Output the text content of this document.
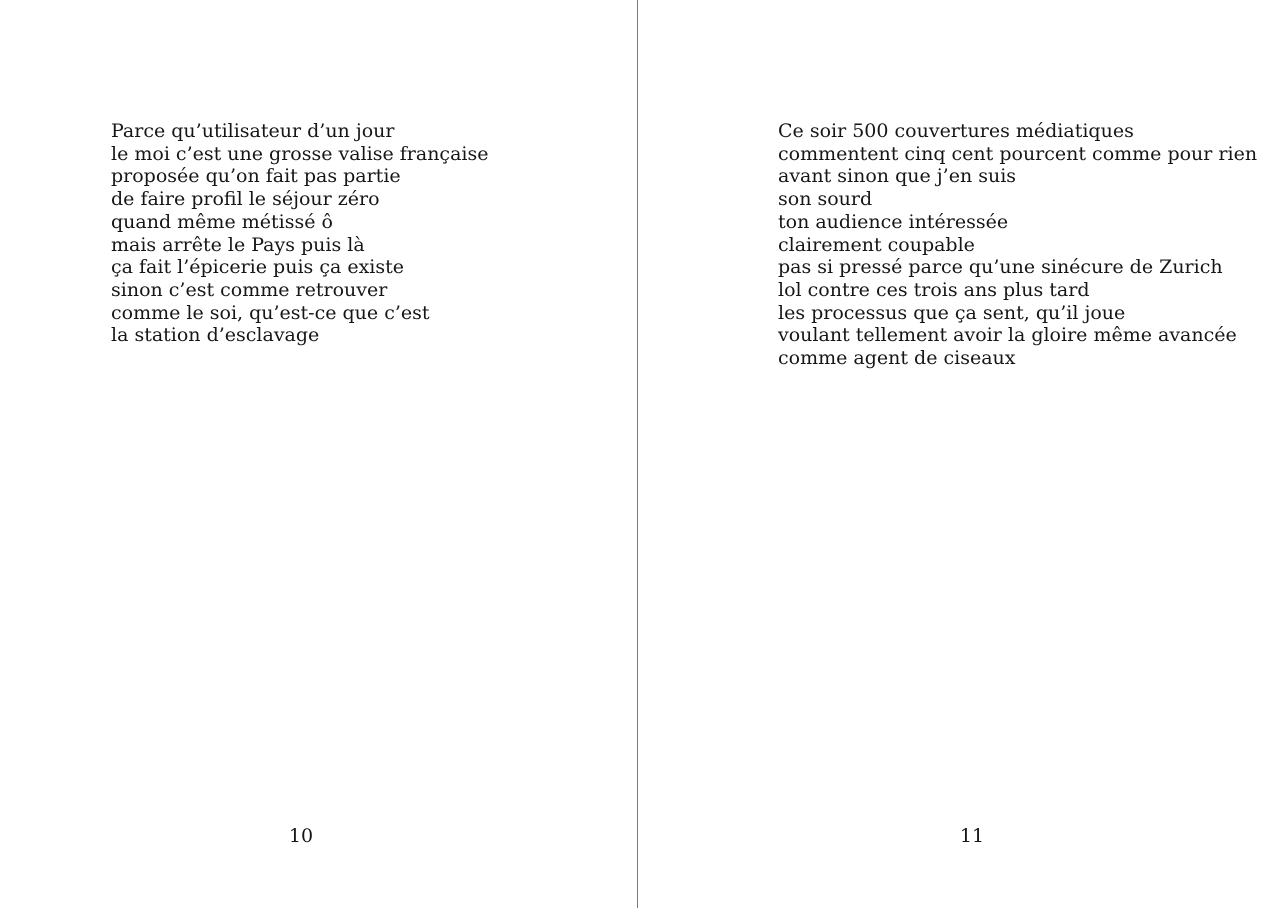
Parce qu’utilisateur d’un jour
le moi c’est une grosse valise française
proposée qu’on fait pas partie
de faire profil le séjour zéro
quand même métissé ô
mais arrête le Pays puis là
ça fait l’épicerie puis ça existe
sinon c’est comme retrouver
comme le soi, qu’est-ce que c’est
la station d’esclavage
10
Ce soir 500 couvertures médiatiques
commentent cinq cent pourcent comme pour rien
avant sinon que j’en suis
son sourd
ton audience intéressée
clairement coupable
pas si pressé parce qu’une sinécure de Zurich
lol contre ces trois ans plus tard
les processus que ça sent, qu’il joue
voulant tellement avoir la gloire même avancée
comme agent de ciseaux
11
